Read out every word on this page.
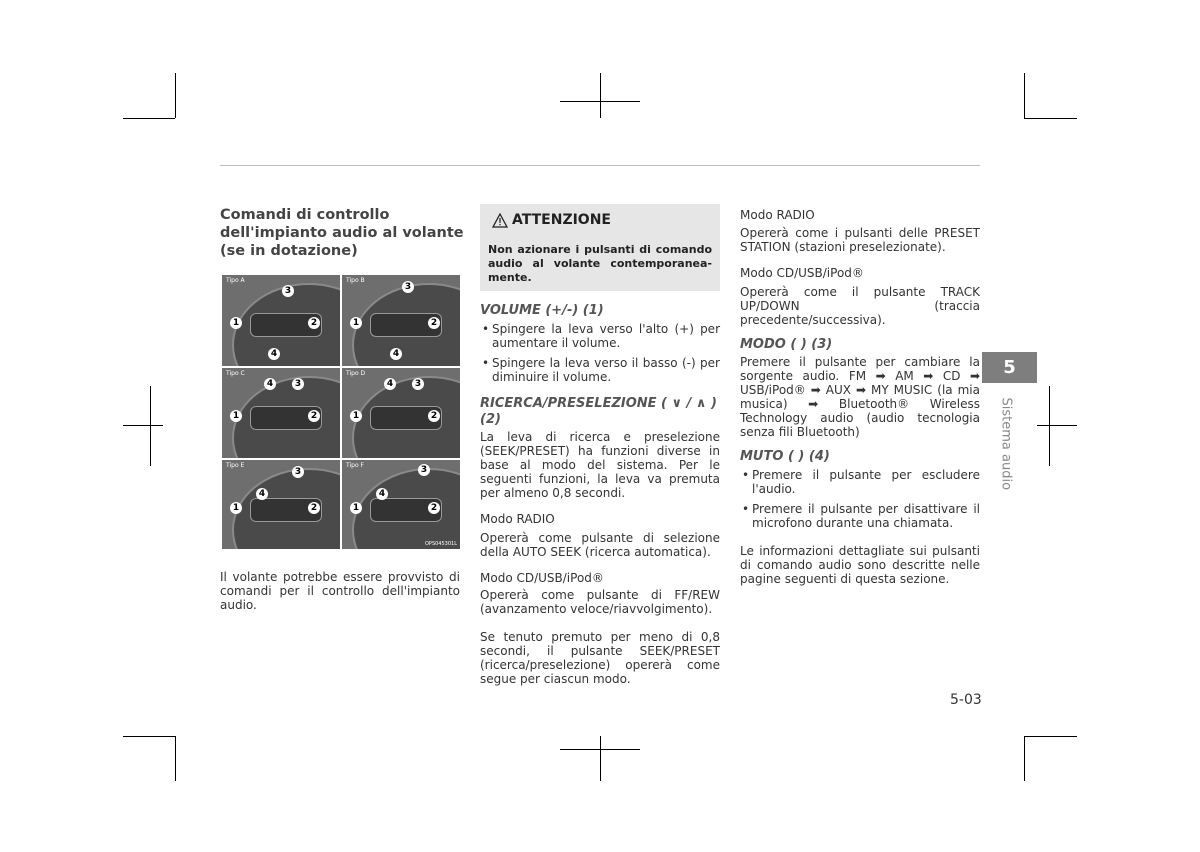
Comandi di controllo dell'impianto audio al volante (se in dotazione)
Tipo A
3
1	2
4
Tipo B
3
1	2
4
Tipo C
4	3
1	2
Tipo D
4	3
1	2
Tipo E
3
4
1	2
Tipo F	3
4
1	2
OPS045301L
Il volante potrebbe essere provvisto di comandi per il controllo dell'impianto audio.
ATTENZIONE
Non azionare i pulsanti di comando audio al volante contemporanea-mente.
VOLUME (+/-) (1)
• Spingere la leva verso l'alto (+) per aumentare il volume.
• Spingere la leva verso il basso (-) per diminuire il volume.
RICERCA/PRESELEZIONE ( ∨ / ∧ ) (2)
La leva di ricerca e preselezione (SEEK/PRESET) ha funzioni diverse in base al modo del sistema. Per le seguenti funzioni, la leva va premuta per almeno 0,8 secondi.
Modo RADIO
Opererà come pulsante di selezione della AUTO SEEK (ricerca automatica).
Modo CD/USB/iPod®
Opererà come pulsante di FF/REW (avanzamento veloce/riavvolgimento).
Se tenuto premuto per meno di 0,8 secondi, il pulsante SEEK/PRESET (ricerca/preselezione) opererà come segue per ciascun modo.
Modo RADIO
Opererà come i pulsanti delle PRESET STATION (stazioni preselezionate).
Modo CD/USB/iPod®
Opererà come il pulsante TRACK UP/DOWN (traccia precedente/successiva).
MODO ( ) (3)
Premere il pulsante per cambiare la sorgente audio. FM ➡ AM ➡ CD ➡ USB/iPod® ➡ AUX ➡ MY MUSIC (la mia musica) ➡ Bluetooth® Wireless Technology audio (audio tecnologia senza fili Bluetooth)
MUTO ( ) (4)
• Premere il pulsante per escludere l'audio.
• Premere il pulsante per disattivare il microfono durante una chiamata.
Le informazioni dettagliate sui pulsanti di comando audio sono descritte nelle pagine seguenti di questa sezione.
5
Sistema audio
5-03
